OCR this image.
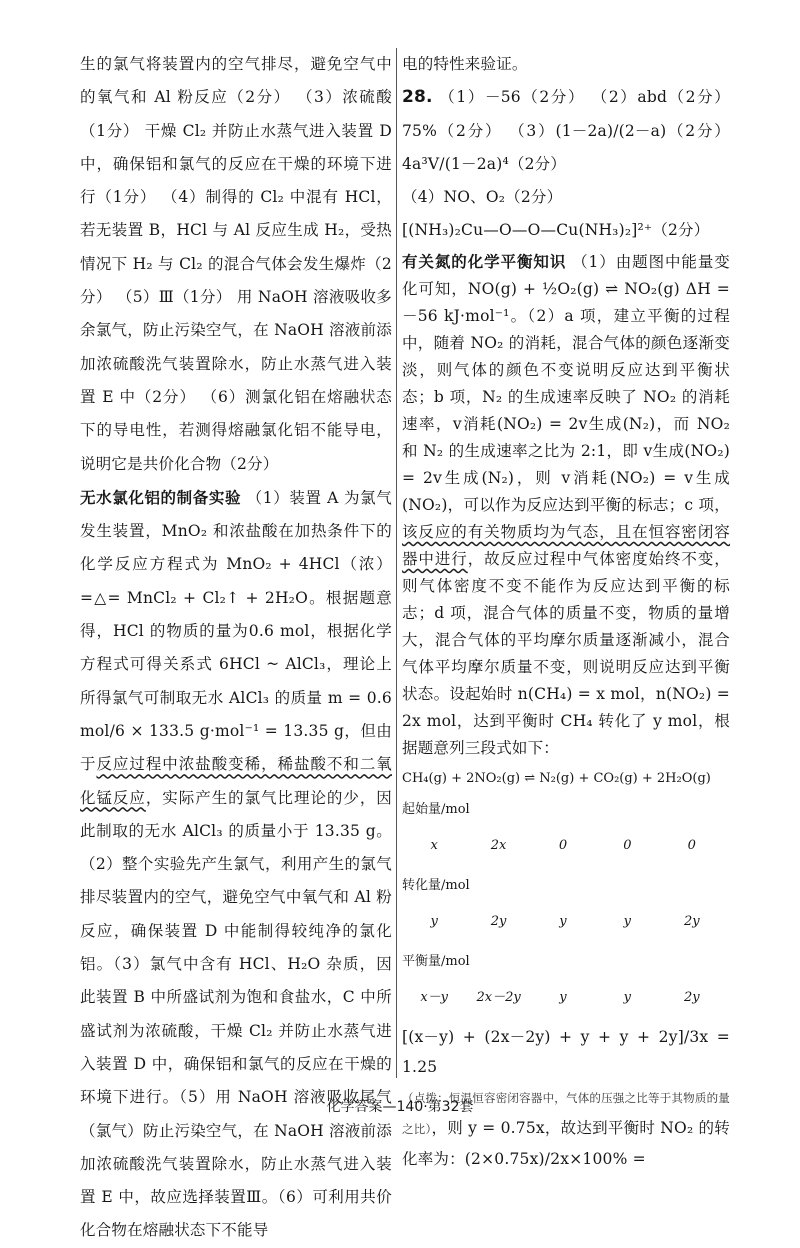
生的氯气将装置内的空气排尽，避免空气中的氧气和 Al 粉反应（2分） （3）浓硫酸（1分） 干燥 Cl₂ 并防止水蒸气进入装置 D 中，确保铝和氯气的反应在干燥的环境下进行（1分） （4）制得的 Cl₂ 中混有 HCl，若无装置 B，HCl 与 Al 反应生成 H₂，受热情况下 H₂ 与 Cl₂ 的混合气体会发生爆炸（2分） （5）Ⅲ（1分） 用 NaOH 溶液吸收多余氯气，防止污染空气，在 NaOH 溶液前添加浓硫酸洗气装置除水，防止水蒸气进入装置 E 中（2分） （6）测氯化铝在熔融状态下的导电性，若测得熔融氯化铝不能导电，说明它是共价化合物（2分）

无水氯化铝的制备实验 （1）装置 A 为氯气发生装置，MnO₂ 和浓盐酸在加热条件下的化学反应方程式为 MnO₂ + 4HCl（浓）=△= MnCl₂ + Cl₂↑ + 2H₂O。根据题意得，HCl 的物质的量为0.6 mol，根据化学方程式可得关系式 6HCl ~ AlCl₃，理论上所得氯气可制取无水 AlCl₃ 的质量 m = 0.6 mol/6 × 133.5 g·mol⁻¹ = 13.35 g，但由于反应过程中浓盐酸变稀，稀盐酸不和二氧化锰反应，实际产生的氯气比理论的少，因此制取的无水 AlCl₃ 的质量小于 13.35 g。（2）整个实验先产生氯气，利用产生的氯气排尽装置内的空气，避免空气中氧气和 Al 粉反应，确保装置 D 中能制得较纯净的氯化铝。（3）氯气中含有 HCl、H₂O 杂质，因此装置 B 中所盛试剂为饱和食盐水，C 中所盛试剂为浓硫酸，干燥 Cl₂ 并防止水蒸气进入装置 D 中，确保铝和氯气的反应在干燥的环境下进行。（5）用 NaOH 溶液吸收尾气（氯气）防止污染空气，在 NaOH 溶液前添加浓硫酸洗气装置除水，防止水蒸气进入装置 E 中，故应选择装置Ⅲ。（6）可利用共价化合物在熔融状态下不能导

电的特性来验证。

28. （1）－56（2分） （2）abd（2分） 75%（2分） （3）(1－2a)/(2－a)（2分） 4a³V/(1－2a)⁴（2分）

（4）NO、O₂（2分）

[(NH₃)₂Cu—O—O—Cu(NH₃)₂]²⁺（2分）

有关氮的化学平衡知识 （1）由题图中能量变化可知，NO(g) + ½O₂(g) ⇌ NO₂(g) ΔH = －56 kJ·mol⁻¹。（2）a 项，建立平衡的过程中，随着 NO₂ 的消耗，混合气体的颜色逐渐变淡，则气体的颜色不变说明反应达到平衡状态；b 项，N₂ 的生成速率反映了 NO₂ 的消耗速率，v消耗(NO₂) = 2v生成(N₂)，而 NO₂ 和 N₂ 的生成速率之比为 2:1，即 v生成(NO₂) = 2v生成(N₂)，则 v消耗(NO₂) = v生成(NO₂)，可以作为反应达到平衡的标志；c 项，该反应的有关物质均为气态，且在恒容密闭容器中进行，故反应过程中气体密度始终不变，则气体密度不变不能作为反应达到平衡的标志；d 项，混合气体的质量不变，物质的量增大，混合气体的平均摩尔质量逐渐减小，混合气体平均摩尔质量不变，则说明反应达到平衡状态。设起始时 n(CH₄) = x mol，n(NO₂) = 2x mol，达到平衡时 CH₄ 转化了 y mol，根据题意列三段式如下：

CH₄(g) + 2NO₂(g) ⇌ N₂(g) + CO₂(g) + 2H₂O(g)

起始量/mol

x	2x	0	0	0

转化量/mol

y	2y	y	y	2y

平衡量/mol

x－y	2x－2y	y	y	2y

[(x－y) + (2x－2y) + y + y + 2y]/3x = 1.25
（点拨：恒温恒容密闭容器中，气体的压强之比等于其物质的量之比），则 y = 0.75x，故达到平衡时 NO₂ 的转化率为：(2×0.75x)/2x×100% =

化学答案—140·第32套
